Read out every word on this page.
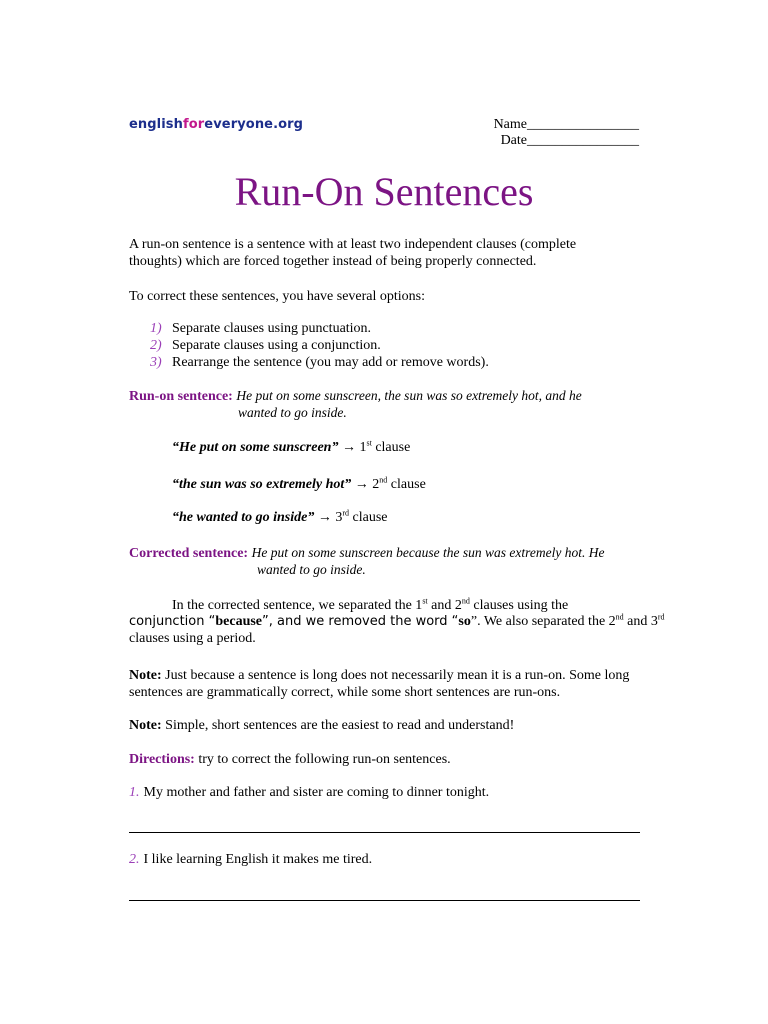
englishforeveryone.org	Name________________
Date________________
Run-On Sentences
A run-on sentence is a sentence with at least two independent clauses (complete
thoughts) which are forced together instead of being properly connected.
To correct these sentences, you have several options:
1) Separate clauses using punctuation.
2) Separate clauses using a conjunction.
3) Rearrange the sentence (you may add or remove words).
Run-on sentence: He put on some sunscreen, the sun was so extremely hot, and he
wanted to go inside.
“He put on some sunscreen” → 1st clause
“the sun was so extremely hot” → 2nd clause
“he wanted to go inside” → 3rd clause
Corrected sentence: He put on some sunscreen because the sun was extremely hot. He
wanted to go inside.
In the corrected sentence, we separated the 1st and 2nd clauses using the
conjunction “because”, and we removed the word “so”. We also separated the 2nd and 3rd
clauses using a period.
Note: Just because a sentence is long does not necessarily mean it is a run-on. Some long
sentences are grammatically correct, while some short sentences are run-ons.
Note: Simple, short sentences are the easiest to read and understand!
Directions: try to correct the following run-on sentences.
1. My mother and father and sister are coming to dinner tonight.
2. I like learning English it makes me tired.
